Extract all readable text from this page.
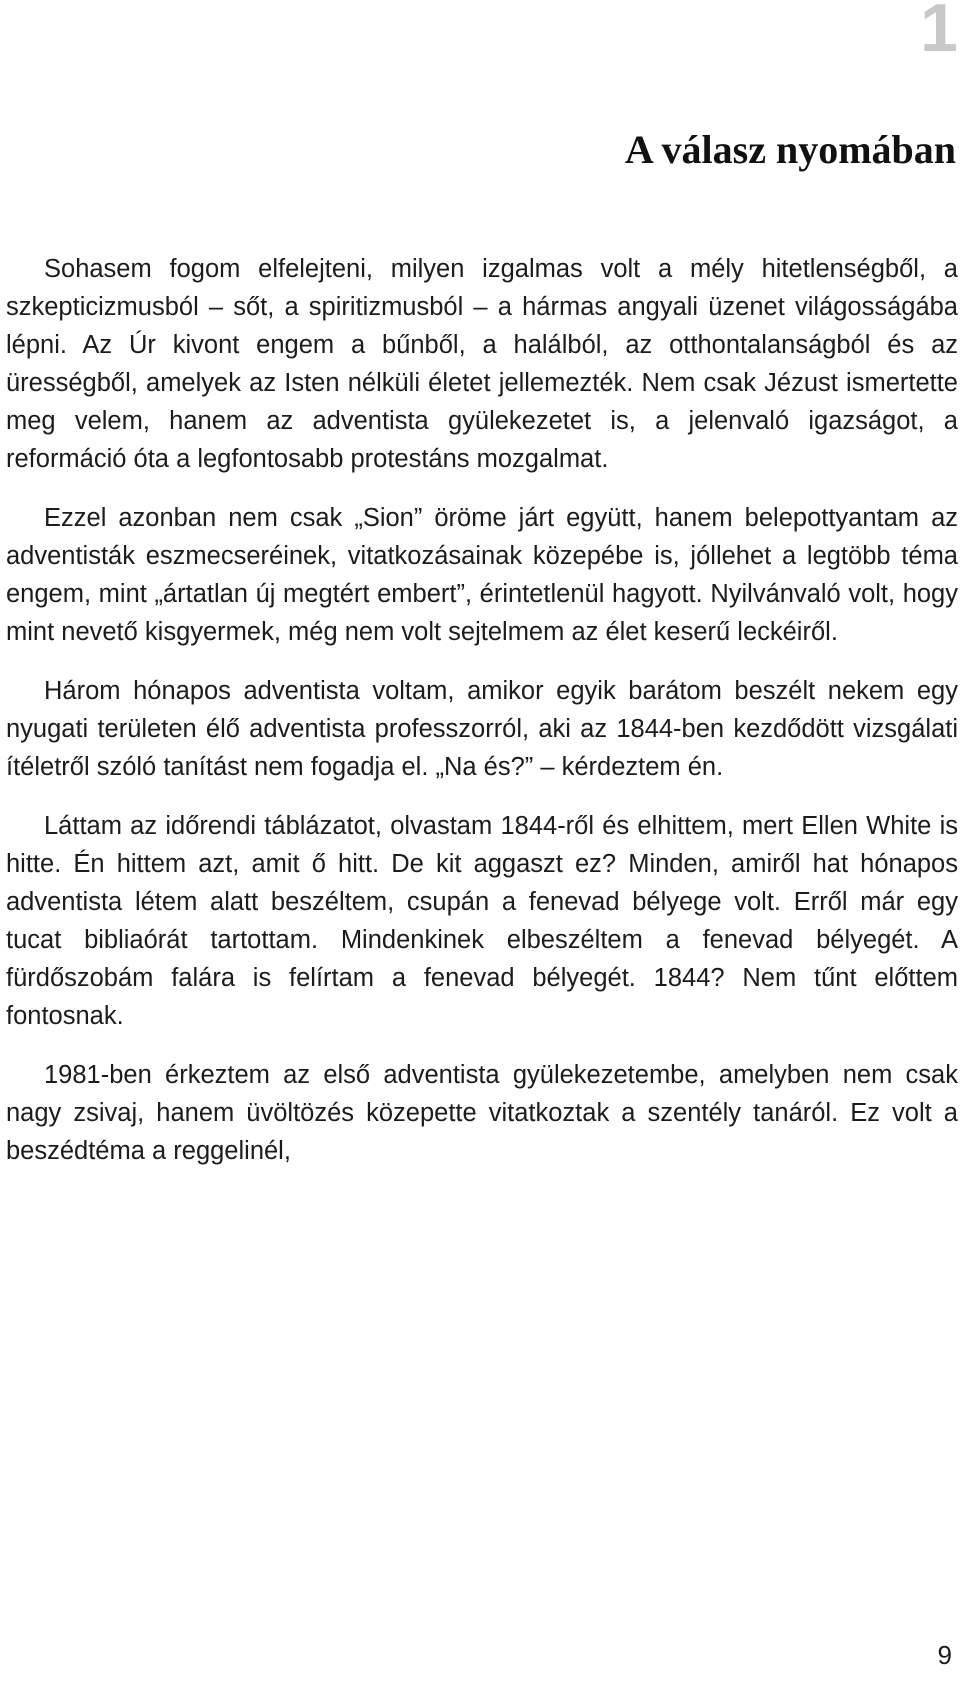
1
A válasz nyomában

Sohasem fogom elfelejteni, milyen izgalmas volt a mély hitetlenségből, a szkepticizmusból – sőt, a spiritizmusból – a hármas angyali üzenet világosságába lépni. Az Úr kivont engem a bűnből, a halálból, az otthontalanságból és az ürességből, amelyek az Isten nélküli életet jellemezték. Nem csak Jézust ismertette meg velem, hanem az adventista gyülekezetet is, a jelenvaló igazságot, a reformáció óta a legfontosabb protestáns mozgalmat.

Ezzel azonban nem csak „Sion” öröme járt együtt, hanem belepottyantam az adventisták eszmecseréinek, vitatkozásainak közepébe is, jóllehet a legtöbb téma engem, mint „ártatlan új megtért embert”, érintetlenül hagyott. Nyilvánvaló volt, hogy mint nevető kisgyermek, még nem volt sejtelmem az élet keserű leckéiről.

Három hónapos adventista voltam, amikor egyik barátom beszélt nekem egy nyugati területen élő adventista professzorról, aki az 1844-ben kezdődött vizsgálati ítéletről szóló tanítást nem fogadja el. „Na és?” – kérdeztem én.

Láttam az időrendi táblázatot, olvastam 1844-ről és elhittem, mert Ellen White is hitte. Én hittem azt, amit ő hitt. De kit aggaszt ez? Minden, amiről hat hónapos adventista létem alatt beszéltem, csupán a fenevad bélyege volt. Erről már egy tucat bibliaórát tartottam. Mindenkinek elbeszéltem a fenevad bélyegét. A fürdőszobám falára is felírtam a fenevad bélyegét. 1844? Nem tűnt előttem fontosnak.

1981-ben érkeztem az első adventista gyülekezetembe, amelyben nem csak nagy zsivaj, hanem üvöltözés közepette vitatkoztak a szentély tanáról. Ez volt a beszédtéma a reggelinél,

9
